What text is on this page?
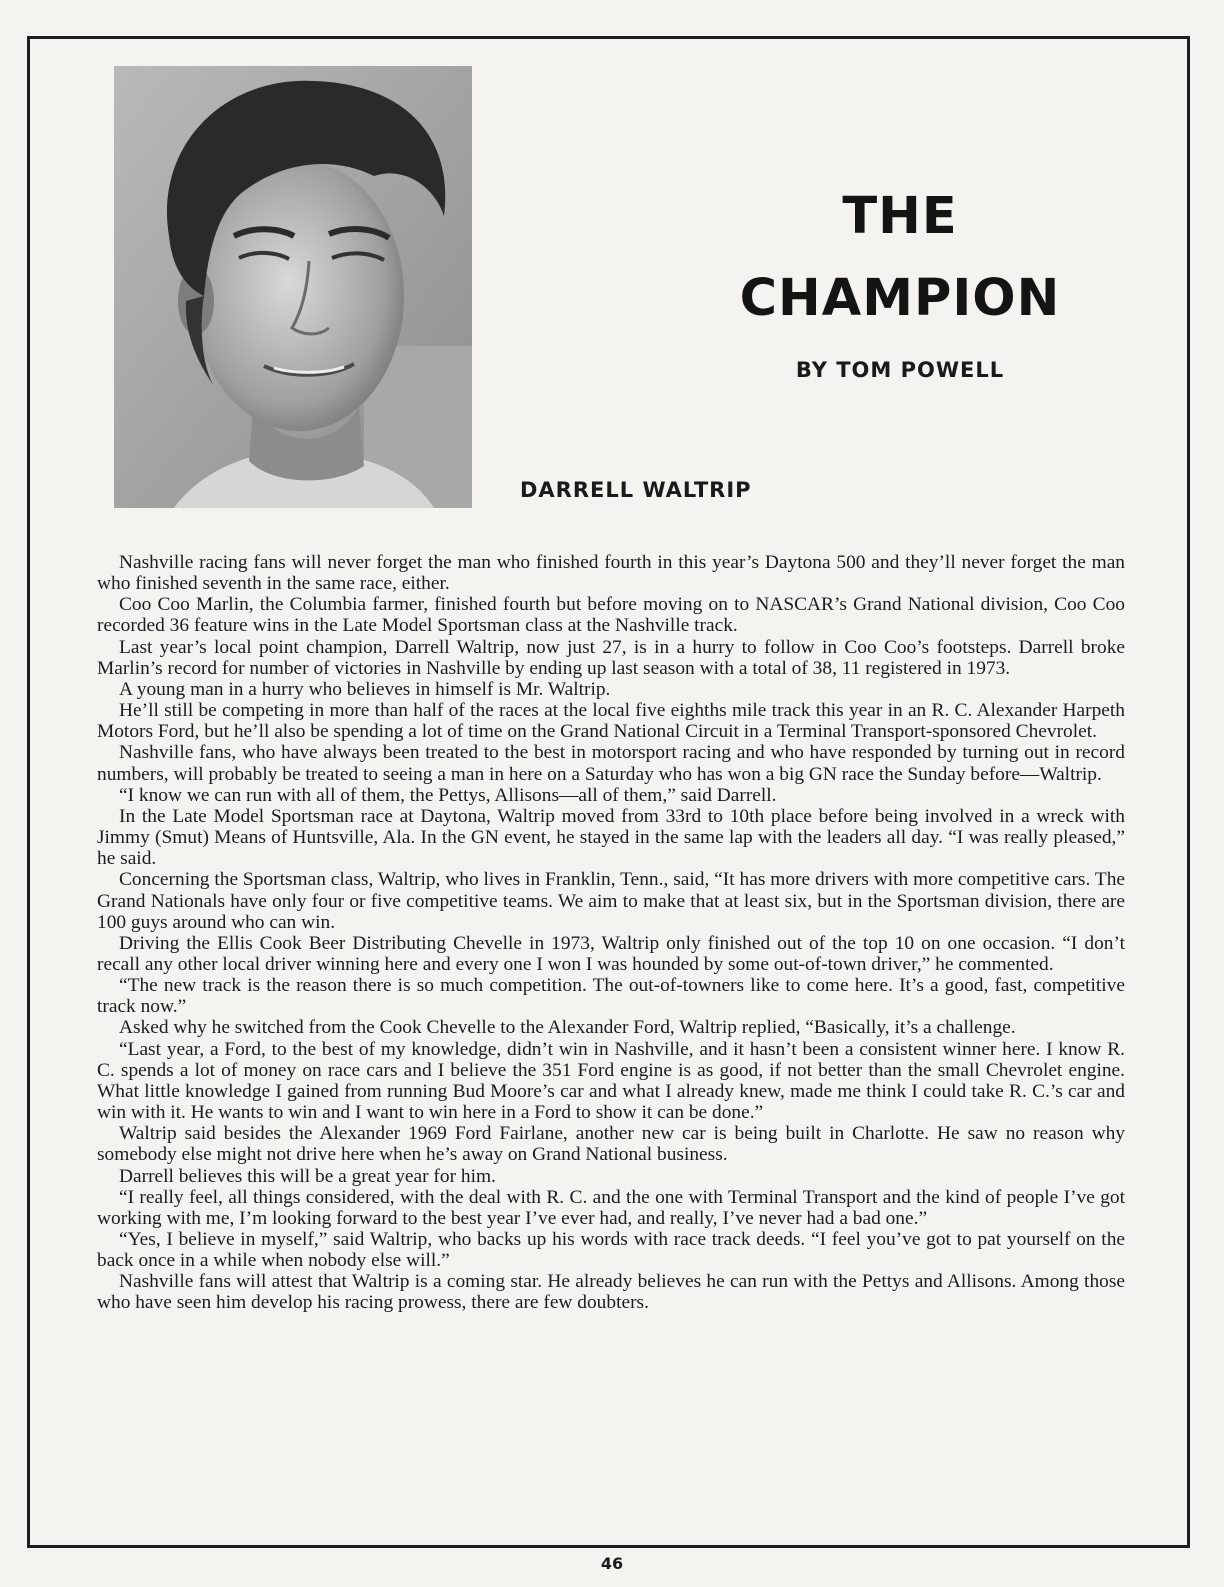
THE
CHAMPION
BY TOM POWELL
DARRELL WALTRIP

Nashville racing fans will never forget the man who finished fourth in this year’s Daytona 500 and they’ll never forget the man who finished seventh in the same race, either.

Coo Coo Marlin, the Columbia farmer, finished fourth but before moving on to NASCAR’s Grand National division, Coo Coo recorded 36 feature wins in the Late Model Sportsman class at the Nashville track.

Last year’s local point champion, Darrell Waltrip, now just 27, is in a hurry to follow in Coo Coo’s footsteps. Darrell broke Marlin’s record for number of victories in Nashville by ending up last season with a total of 38, 11 registered in 1973.

A young man in a hurry who believes in himself is Mr. Waltrip.

He’ll still be competing in more than half of the races at the local five eighths mile track this year in an R. C. Alexander Harpeth Motors Ford, but he’ll also be spending a lot of time on the Grand National Circuit in a Terminal Transport-sponsored Chevrolet.

Nashville fans, who have always been treated to the best in motorsport racing and who have responded by turning out in record numbers, will probably be treated to seeing a man in here on a Saturday who has won a big GN race the Sunday before—Waltrip.

“I know we can run with all of them, the Pettys, Allisons—all of them,” said Darrell.

In the Late Model Sportsman race at Daytona, Waltrip moved from 33rd to 10th place before being involved in a wreck with Jimmy (Smut) Means of Huntsville, Ala. In the GN event, he stayed in the same lap with the leaders all day. “I was really pleased,” he said.

Concerning the Sportsman class, Waltrip, who lives in Franklin, Tenn., said, “It has more drivers with more competitive cars. The Grand Nationals have only four or five competitive teams. We aim to make that at least six, but in the Sportsman division, there are 100 guys around who can win.

Driving the Ellis Cook Beer Distributing Chevelle in 1973, Waltrip only finished out of the top 10 on one occasion. “I don’t recall any other local driver winning here and every one I won I was hounded by some out-of-town driver,” he commented.

“The new track is the reason there is so much competition. The out-of-towners like to come here. It’s a good, fast, competitive track now.”

Asked why he switched from the Cook Chevelle to the Alexander Ford, Waltrip replied, “Basically, it’s a challenge.

“Last year, a Ford, to the best of my knowledge, didn’t win in Nashville, and it hasn’t been a consistent winner here. I know R. C. spends a lot of money on race cars and I believe the 351 Ford engine is as good, if not better than the small Chevrolet engine. What little knowledge I gained from running Bud Moore’s car and what I already knew, made me think I could take R. C.’s car and win with it. He wants to win and I want to win here in a Ford to show it can be done.”

Waltrip said besides the Alexander 1969 Ford Fairlane, another new car is being built in Charlotte. He saw no reason why somebody else might not drive here when he’s away on Grand National business.

Darrell believes this will be a great year for him.

“I really feel, all things considered, with the deal with R. C. and the one with Terminal Transport and the kind of people I’ve got working with me, I’m looking forward to the best year I’ve ever had, and really, I’ve never had a bad one.”

“Yes, I believe in myself,” said Waltrip, who backs up his words with race track deeds. “I feel you’ve got to pat yourself on the back once in a while when nobody else will.”

Nashville fans will attest that Waltrip is a coming star. He already believes he can run with the Pettys and Allisons. Among those who have seen him develop his racing prowess, there are few doubters.

46
